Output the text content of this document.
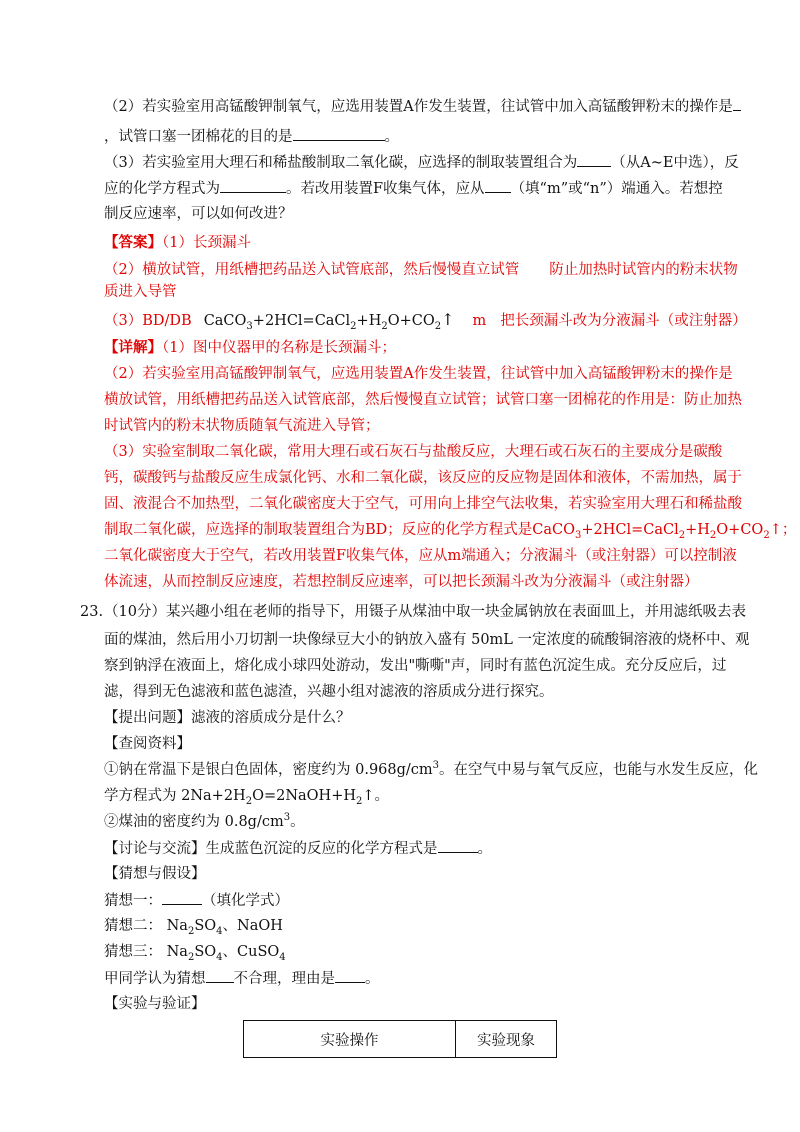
（2）若实验室用高锰酸钾制氧气，应选用装置A作发生装置，往试管中加入高锰酸钾粉末的操作是
，试管口塞一团棉花的目的是	。
（3）若实验室用大理石和稀盐酸制取二氧化碳，应选择的制取装置组合为 （从A~E中选），反
应的化学方程式为	。若改用装置F收集气体，应从 （填“m”或“n”）端通入。若想控
制反应速率，可以如何改进？
【答案】（1）长颈漏斗
（2）横放试管，用纸槽把药品送入试管底部，然后慢慢直立试管 防止加热时试管内的粉末状物
质进入导管
（3）BD/DB $CaCO_3+2HCl=CaCl_2+H_2O+CO_2↑$ m 把长颈漏斗改为分液漏斗（或注射器）
【详解】（1）图中仪器甲的名称是长颈漏斗；
（2）若实验室用高锰酸钾制氧气，应选用装置A作发生装置，往试管中加入高锰酸钾粉末的操作是
横放试管，用纸槽把药品送入试管底部，然后慢慢直立试管；试管口塞一团棉花的作用是：防止加热
时试管内的粉末状物质随氧气流进入导管；
（3）实验室制取二氧化碳，常用大理石或石灰石与盐酸反应，大理石或石灰石的主要成分是碳酸
钙，碳酸钙与盐酸反应生成氯化钙、水和二氧化碳，该反应的反应物是固体和液体，不需加热，属于
固、液混合不加热型，二氧化碳密度大于空气，可用向上排空气法收集，若实验室用大理石和稀盐酸
制取二氧化碳，应选择的制取装置组合为BD；反应的化学方程式是$CaCO_3+2HCl=CaCl_2+H_2O+CO_2↑$；
二氧化碳密度大于空气，若改用装置F收集气体，应从m端通入；分液漏斗（或注射器）可以控制液
体流速，从而控制反应速度，若想控制反应速率，可以把长颈漏斗改为分液漏斗（或注射器）
23. （10分）某兴趣小组在老师的指导下，用镊子从煤油中取一块金属钠放在表面皿上，并用滤纸吸去表
面的煤油，然后用小刀切割一块像绿豆大小的钠放入盛有 50mL 一定浓度的硫酸铜溶液的烧杯中、观
察到钠浮在液面上，熔化成小球四处游动，发出"嘶嘶"声，同时有蓝色沉淀生成。充分反应后，过
滤，得到无色滤液和蓝色滤渣，兴趣小组对滤液的溶质成分进行探究。
【提出问题】滤液的溶质成分是什么？
【查阅资料】
①钠在常温下是银白色固体，密度约为 $0.968g/cm^3$。在空气中易与氧气反应，也能与水发生反应，化
学方程式为 $2Na+2H_2O=2NaOH+H_2↑$。
②煤油的密度约为 $0.8g/cm^3$。
【讨论与交流】生成蓝色沉淀的反应的化学方程式是	。
【猜想与假设】
猜想一：	（填化学式）
猜想二： $Na_2SO_4$、NaOH
猜想三： $Na_2SO_4$、CuSO$_4$
甲同学认为猜想 不合理，理由是 。
【实验与验证】
实验操作	实验现象
